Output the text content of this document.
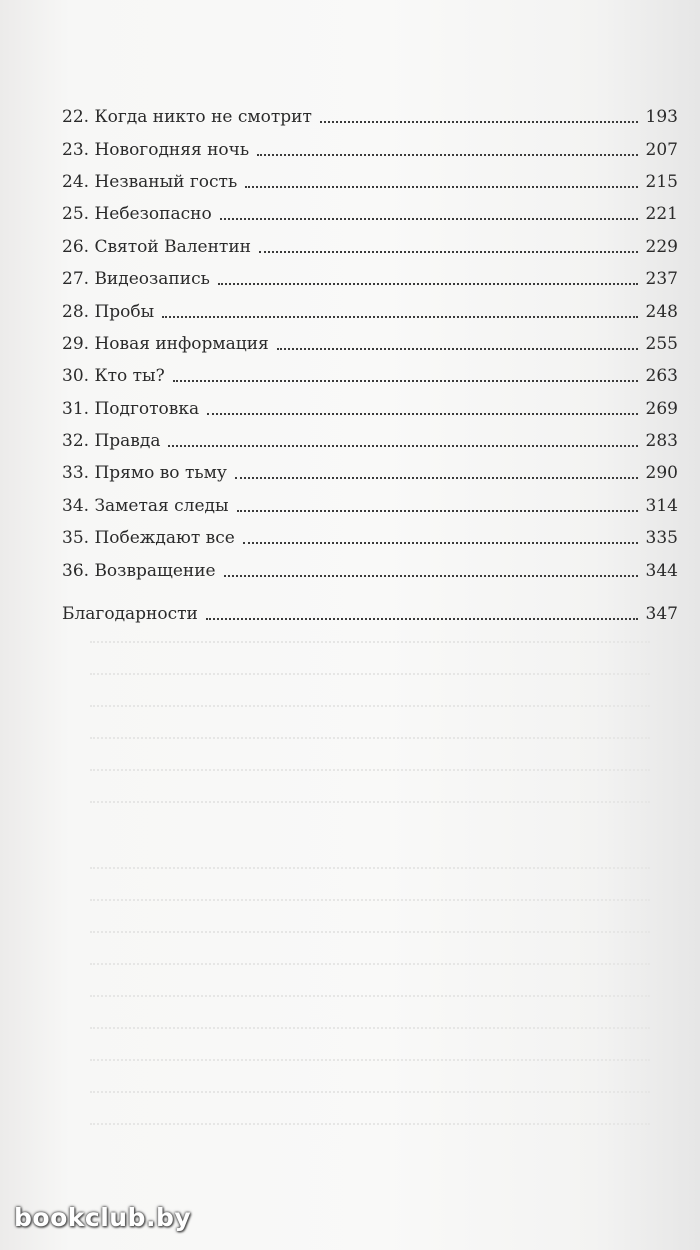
22. Когда никто не смотрит	193
23. Новогодняя ночь	207
24. Незваный гость	215
25. Небезопасно	221
26. Святой Валентин	229
27. Видеозапись	237
28. Пробы	248
29. Новая информация	255
30. Кто ты?	263
31. Подготовка	269
32. Правда	283
33. Прямо во тьму	290
34. Заметая следы	314
35. Побеждают все	335
36. Возвращение	344
Благодарности	347
bookclub.by
